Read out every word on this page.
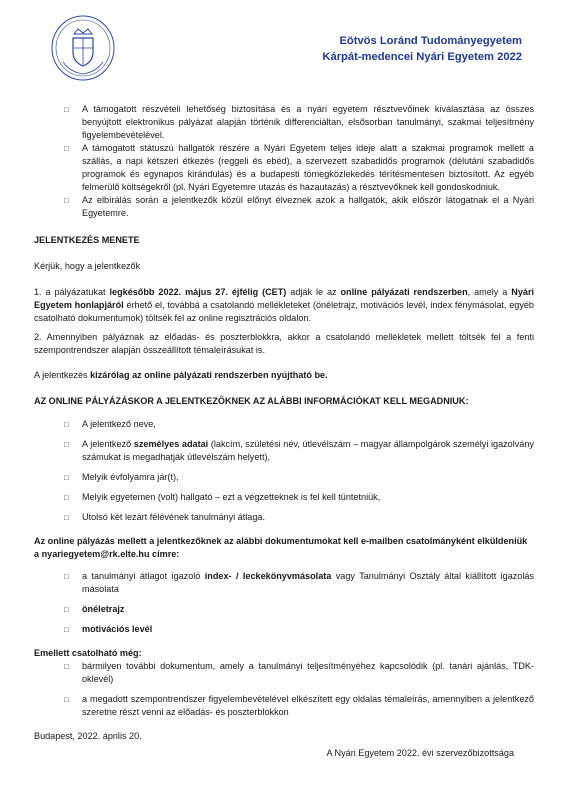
Eötvös Loránd Tudományegyetem
Kárpát-medencei Nyári Egyetem 2022
□	A támogatott részvételi lehetőség biztosítása és a nyári egyetem résztvevőinek kiválasztása az összes benyújtott elektronikus pályázat alapján történik differenciáltan, elsősorban tanulmányi, szakmai teljesítmény figyelembevételével.
□	A támogatott státuszú hallgatók részére a Nyári Egyetem teljes ideje alatt a szakmai programok mellett a szállás, a napi kétszeri étkezés (reggeli és ebéd), a szervezett szabadidős programok (délutáni szabadidős programok és egynapos kirándulás) és a budapesti tömegközlekedés térítésmentesen biztosított. Az egyéb felmerülő költségekről (pl. Nyári Egyetemre utazás és hazautazás) a résztvevőknek kell gondoskodniuk.
□	Az elbírálás során a jelentkezők közül előnyt élveznek azok a hallgatók, akik először látogatnak el a Nyári Egyetemre.

JELENTKEZÉS MENETE

Kérjük, hogy a jelentkezők

1. a pályázatukat legkésőbb 2022. május 27. éjfélig (CET) adják le az online pályázati rendszerben, amely a Nyári Egyetem honlapjáról érhető el, továbbá a csatolandó mellékleteket (önéletrajz, motivációs levél, index fénymásolat, egyéb csatolható dokumentumok) töltsék fel az online regisztrációs oldalon.

2. Amennyiben pályáznak az előadás- és poszterblokkra, akkor a csatolandó mellékletek mellett töltsék fel a fenti szempontrendszer alapján összeállított témaleírásukat is.

A jelentkezés kizárólag az online pályázati rendszerben nyújtható be.

AZ ONLINE PÁLYÁZÁSKOR A JELENTKEZŐKNEK AZ ALÁBBI INFORMÁCIÓKAT KELL MEGADNIUK:

□	A jelentkező neve,
□	A jelentkező személyes adatai (lakcím, születési név, útlevélszám – magyar állampolgárok személyi igazolvány számukat is megadhatják útlevélszám helyett),
□	Melyik évfolyamra jár(t),
□	Melyik egyetemen (volt) hallgató – ezt a végzetteknek is fel kell tüntetniük,
□	Utolsó két lezárt félévének tanulmányi átlaga.

Az online pályázás mellett a jelentkezőknek az alábbi dokumentumokat kell e-mailben csatolmányként elküldeniük a nyariegyetem@rk.elte.hu címre:

□	a tanulmányi átlagot igazoló index- / leckekönyvmásolata vagy Tanulmányi Osztály által kiállított igazolás másolata
□	önéletrajz
□	motivációs levél

Emellett csatolható még:

□	bármilyen további dokumentum, amely a tanulmányi teljesítményéhez kapcsolódik (pl. tanári ajánlás, TDK-oklevél)
□	a megadott szempontrendszer figyelembevételével elkészített egy oldalas témaleírás, amennyiben a jelentkező szeretne részt venni az előadás- és poszterblokkon

Budapest, 2022. április 20.

A Nyári Egyetem 2022. évi szervezőbizottsága
